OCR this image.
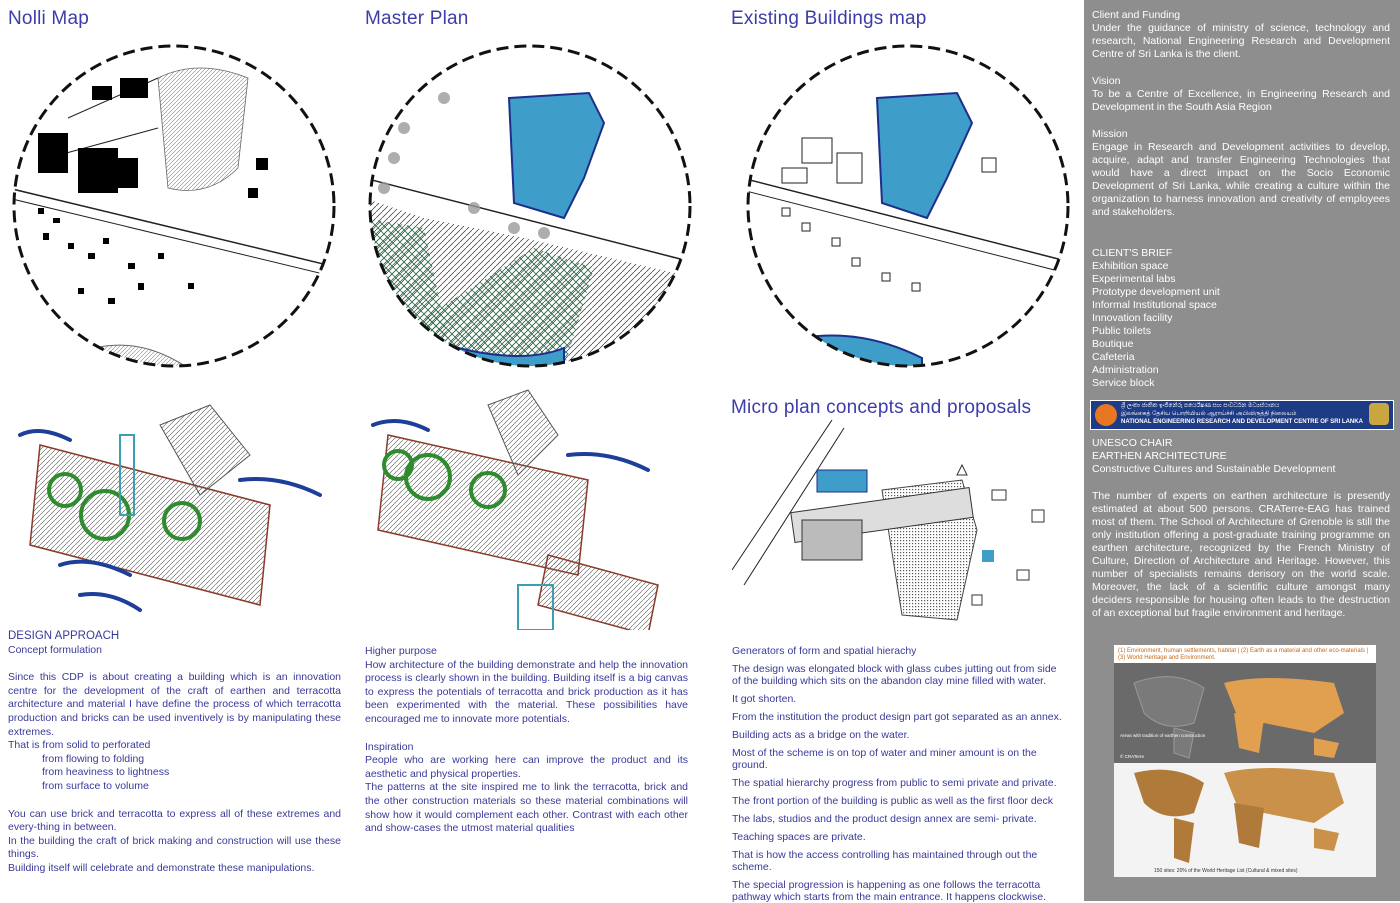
Nolli Map	Master Plan	Existing Buildings map
Micro plan concepts and proposals
DESIGN APPROACH
Concept formulation
Since this CDP is about creating a building which is an innovation centre for the development of the craft of earthen and terracotta architecture and material I have define the process of which terracotta production and bricks can be used inventively is by manipulating these extremes.
That is from solid to perforated
from flowing to folding
from heaviness to lightness
from surface to volume
You can use brick and terracotta to express all of these extremes and every-thing in between.
In the building the craft of brick making and construction will use these things.
Building itself will celebrate and demonstrate these manipulations.
Higher purpose
How architecture of the building demonstrate and help the innovation process is clearly shown in the building. Building itself is a big canvas to express the potentials of terracotta and brick production as it has been experimented with the material. These possibilities have encouraged me to innovate more potentials.
Inspiration
People who are working here can improve the product and its aesthetic and physical properties.
The patterns at the site inspired me to link the terracotta, brick and the other construction materials so these material combinations will show how it would complement each other. Contrast with each other and show-cases the utmost material qualities
Generators of form and spatial hierachy
The design was elongated block with glass cubes jutting out from side of the building which sits on the abandon clay mine filled with water.
It got shorten.
From the institution the product design part got separated as an annex.
Building acts as a bridge on the water.
Most of the scheme is on top of water and miner amount is on the ground.
The spatial hierarchy progress from public to semi private and private.
The front portion of the building is public as well as the first floor deck
The labs, studios and the product design annex are semi- private.
Teaching spaces are private.
That is how the access controlling has maintained through out the scheme.
The special progression is happening as one follows the terracotta pathway which starts from the main entrance. It happens clockwise.
Client and Funding
Under the guidance of ministry of science, technology and research, National Engineering Research and Development Centre of Sri Lanka is the client.
Vision
To be a Centre of Excellence, in Engineering Research and Development in the South Asia Region
Mission
Engage in Research and Development activities to develop, acquire, adapt and transfer Engineering Technologies that would have a direct impact on the Socio Economic Development of Sri Lanka, while creating a culture within the organization to harness innovation and creativity of employees and stakeholders.
CLIENT'S BRIEF
Exhibition space
Experimental labs
Prototype development unit
Informal Institutional space
Innovation facility
Public toilets
Boutique
Cafeteria
Administration
Service block
ශ්‍රී ලංකා ජාතික ඉංජිනේරු පර්යේෂණ සහ සංවර්ධන මධ්‍යස්ථානය
இலங்கைத் தேசிய பொறியியல் ஆராய்ச்சி அபிவிருத்தி நிலையம்
NATIONAL ENGINEERING RESEARCH AND DEVELOPMENT CENTRE OF SRI LANKA
UNESCO CHAIR
EARTHEN ARCHITECTURE
Constructive Cultures and Sustainable Development
The number of experts on earthen architecture is presently estimated at about 500 persons. CRATerre-EAG has trained most of them. The School of Architecture of Grenoble is still the only institution offering a post-graduate training programme on earthen architecture, recognized by the French Ministry of Culture, Direction of Architecture and Heritage. However, this number of specialists remains derisory on the world scale. Moreover, the lack of a scientific culture amongst many deciders responsible for housing often leads to the destruction of an exceptional but fragile environment and heritage.
(1) Environment, human settlements, habitat | (2) Earth as a material and other eco-materials | (3) World Heritage and Environment.
Areas with tradition of earthen construction
© CRATerre
150 sites: 20% of the World Heritage List (Cultural & mixed sites)
